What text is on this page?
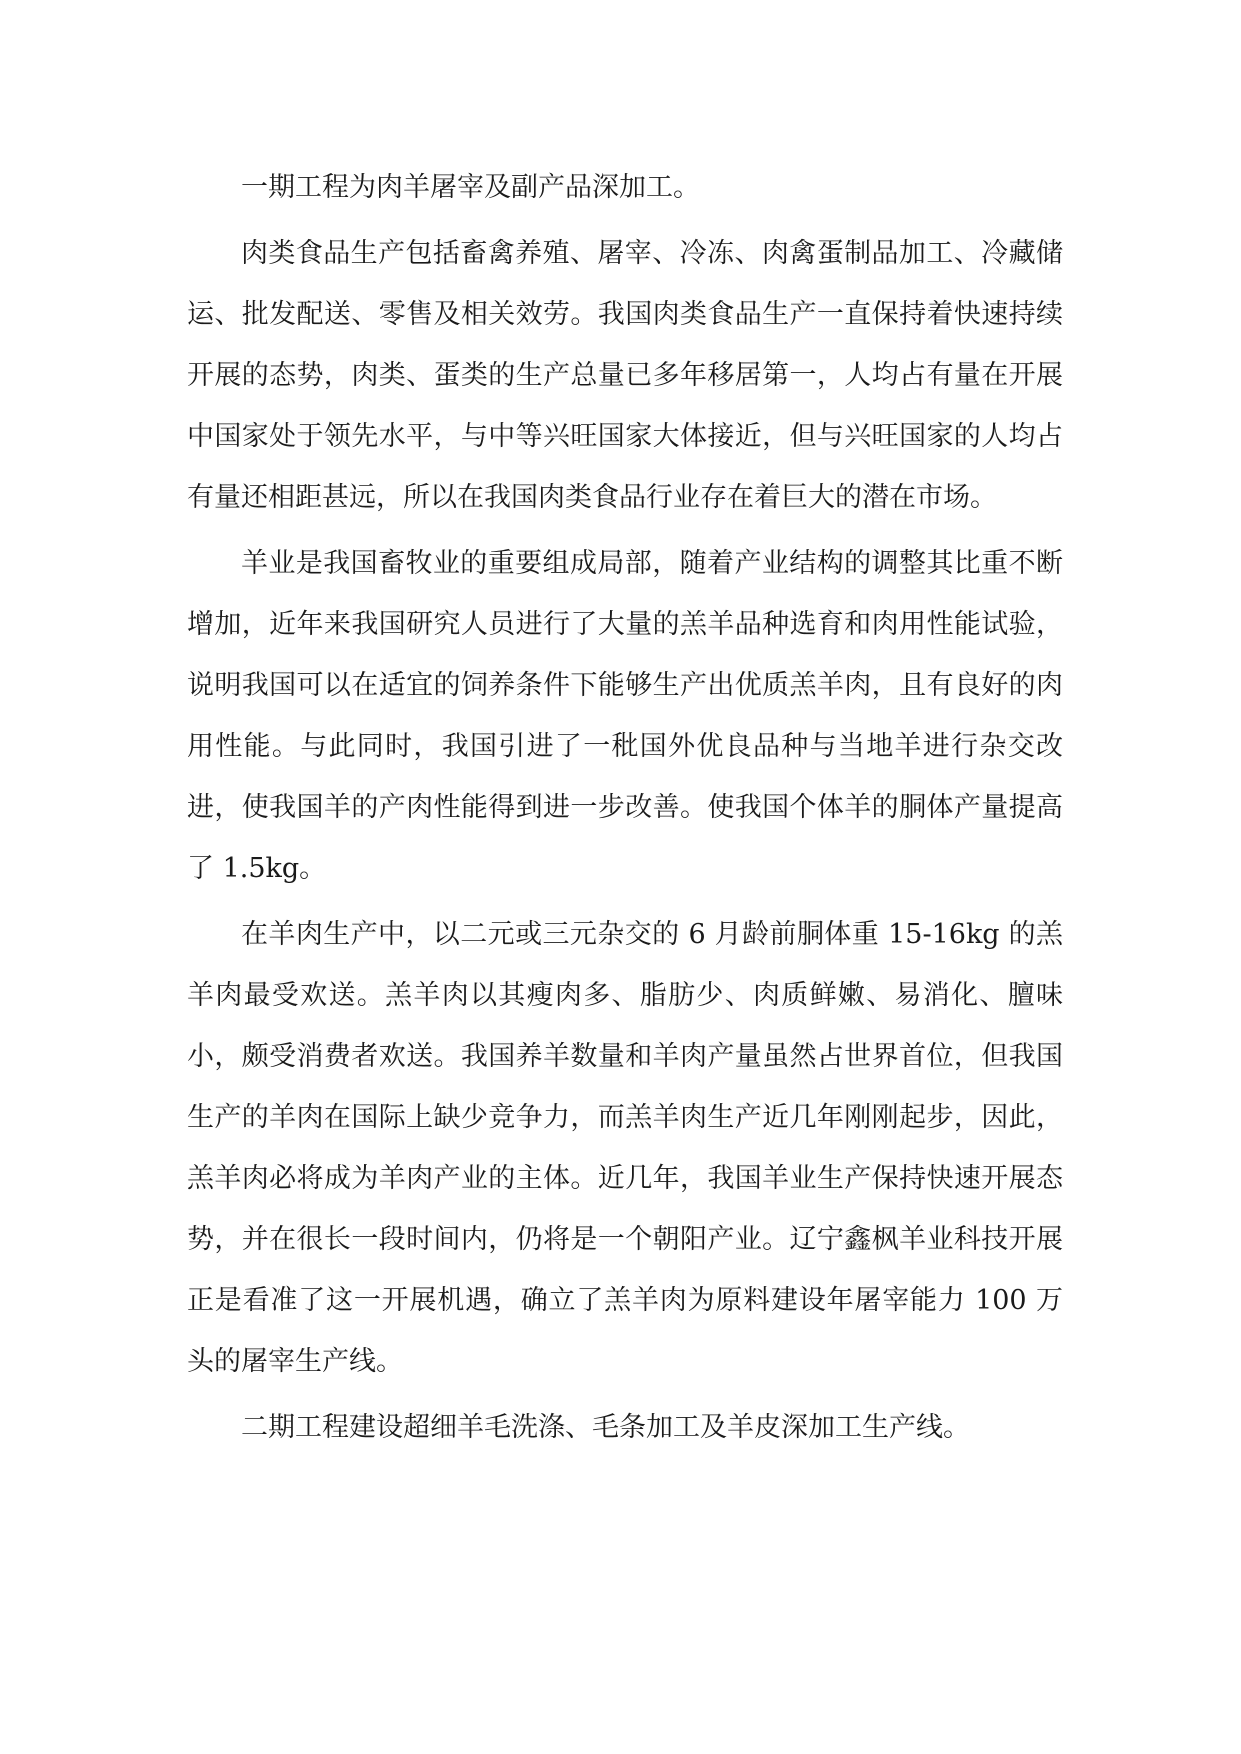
一期工程为肉羊屠宰及副产品深加工。

肉类食品生产包括畜禽养殖、屠宰、冷冻、肉禽蛋制品加工、冷藏储运、批发配送、零售及相关效劳。我国肉类食品生产一直保持着快速持续开展的态势，肉类、蛋类的生产总量已多年移居第一，人均占有量在开展中国家处于领先水平，与中等兴旺国家大体接近，但与兴旺国家的人均占有量还相距甚远，所以在我国肉类食品行业存在着巨大的潜在市场。

羊业是我国畜牧业的重要组成局部，随着产业结构的调整其比重不断增加，近年来我国研究人员进行了大量的羔羊品种选育和肉用性能试验，说明我国可以在适宜的饲养条件下能够生产出优质羔羊肉，且有良好的肉用性能。与此同时，我国引进了一秕国外优良品种与当地羊进行杂交改进，使我国羊的产肉性能得到进一步改善。使我国个体羊的胴体产量提高了 1.5kg。

在羊肉生产中，以二元或三元杂交的 6 月龄前胴体重 15-16kg 的羔羊肉最受欢送。羔羊肉以其瘦肉多、脂肪少、肉质鲜嫩、易消化、膻味小，颇受消费者欢送。我国养羊数量和羊肉产量虽然占世界首位，但我国生产的羊肉在国际上缺少竞争力，而羔羊肉生产近几年刚刚起步，因此，羔羊肉必将成为羊肉产业的主体。近几年，我国羊业生产保持快速开展态势，并在很长一段时间内，仍将是一个朝阳产业。辽宁鑫枫羊业科技开展正是看准了这一开展机遇，确立了羔羊肉为原料建设年屠宰能力 100 万头的屠宰生产线。

二期工程建设超细羊毛洗涤、毛条加工及羊皮深加工生产线。
